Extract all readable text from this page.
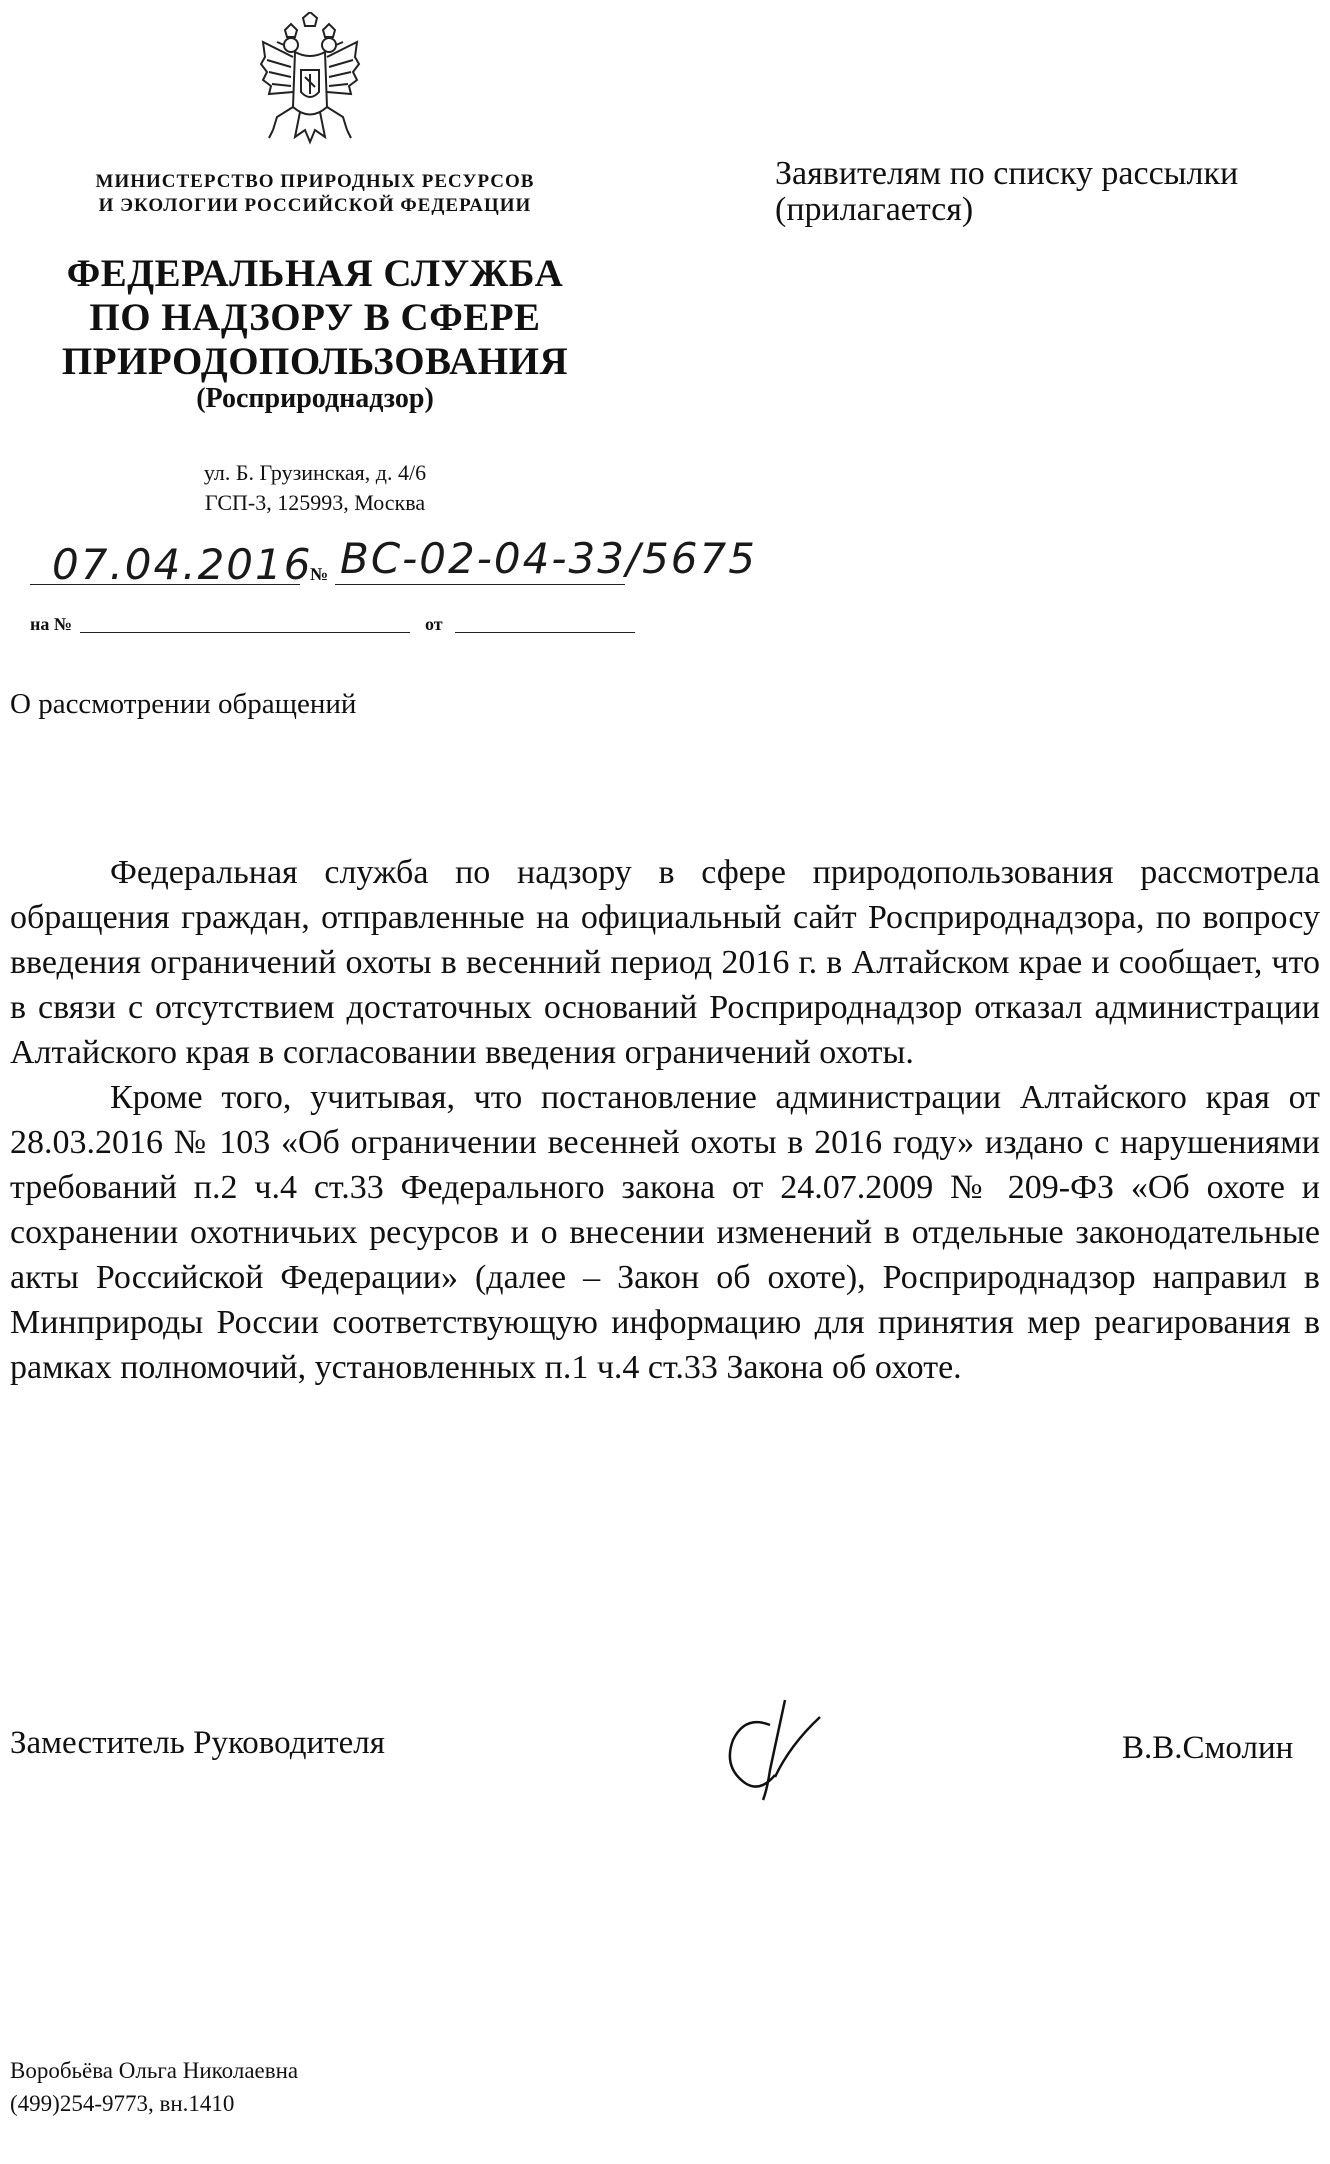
МИНИСТЕРСТВО ПРИРОДНЫХ РЕСУРСОВ
И ЭКОЛОГИИ РОССИЙСКОЙ ФЕДЕРАЦИИ
ФЕДЕРАЛЬНАЯ СЛУЖБА
ПО НАДЗОРУ В СФЕРЕ
ПРИРОДОПОЛЬЗОВАНИЯ
(Росприроднадзор)
ул. Б. Грузинская, д. 4/6
ГСП-3, 125993, Москва
07.04.2016
№ ВС-02-04-33/5675
на №	от
Заявителям по списку рассылки
(прилагается)
О рассмотрении обращений

Федеральная служба по надзору в сфере природопользования рассмотрела обращения граждан, отправленные на официальный сайт Росприроднадзора, по вопросу введения ограничений охоты в весенний период 2016 г. в Алтайском крае и сообщает, что в связи с отсутствием достаточных оснований Росприроднадзор отказал администрации Алтайского края в согласовании введения ограничений охоты.

Кроме того, учитывая, что постановление администрации Алтайского края от 28.03.2016 № 103 «Об ограничении весенней охоты в 2016 году» издано с нарушениями требований п.2 ч.4 ст.33 Федерального закона от 24.07.2009 № 209-ФЗ «Об охоте и сохранении охотничьих ресурсов и о внесении изменений в отдельные законодательные акты Российской Федерации» (далее – Закон об охоте), Росприроднадзор направил в Минприроды России соответствующую информацию для принятия мер реагирования в рамках полномочий, установленных п.1 ч.4 ст.33 Закона об охоте.

Заместитель Руководителя	В.В.Смолин
Воробьёва Ольга Николаевна
(499)254-9773, вн.1410
